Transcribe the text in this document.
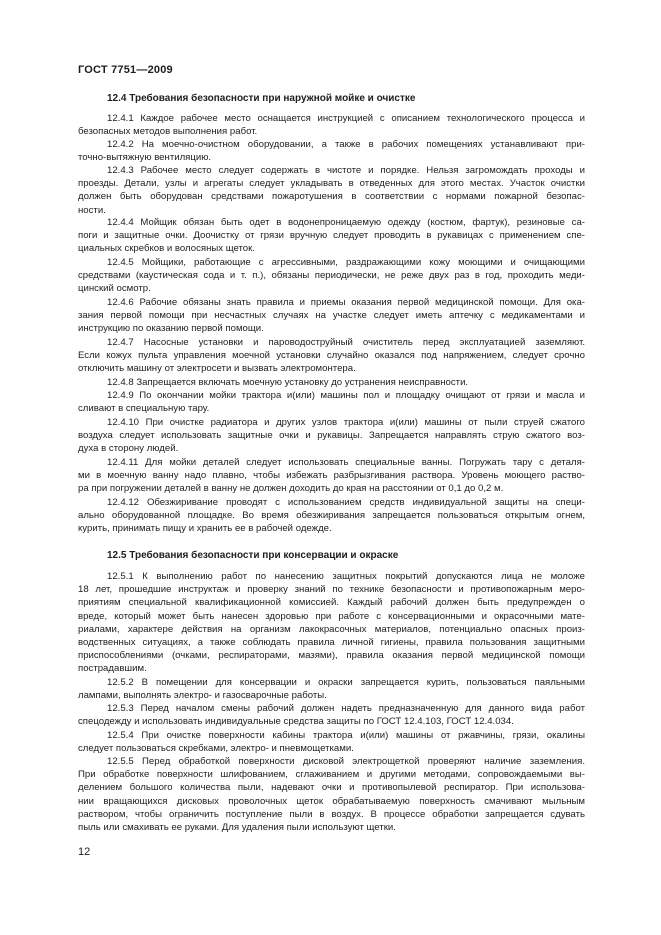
ГОСТ 7751—2009
12.4 Требования безопасности при наружной мойке и очистке
12.4.1 Каждое рабочее место оснащается инструкцией с описанием технологического процесса и
безопасных методов выполнения работ.
12.4.2 На моечно-очистном оборудовании, а также в рабочих помещениях устанавливают при-
точно-вытяжную вентиляцию.
12.4.3 Рабочее место следует содержать в чистоте и порядке. Нельзя загромождать проходы и
проезды. Детали, узлы и агрегаты следует укладывать в отведенных для этого местах. Участок очистки
должен быть оборудован средствами пожаротушения в соответствии с нормами пожарной безопас-
ности.
12.4.4 Мойщик обязан быть одет в водонепроницаемую одежду (костюм, фартук), резиновые са-
поги и защитные очки. Доочистку от грязи вручную следует проводить в рукавицах с применением спе-
циальных скребков и волосяных щеток.
12.4.5 Мойщики, работающие с агрессивными, раздражающими кожу моющими и очищающими
средствами (каустическая сода и т. п.), обязаны периодически, не реже двух раз в год, проходить меди-
цинский осмотр.
12.4.6 Рабочие обязаны знать правила и приемы оказания первой медицинской помощи. Для ока-
зания первой помощи при несчастных случаях на участке следует иметь аптечку с медикаментами и
инструкцию по оказанию первой помощи.
12.4.7 Насосные установки и пароводоструйный очиститель перед эксплуатацией заземляют.
Если кожух пульта управления моечной установки случайно оказался под напряжением, следует срочно
отключить машину от электросети и вызвать электромонтера.
12.4.8 Запрещается включать моечную установку до устранения неисправности.
12.4.9 По окончании мойки трактора и(или) машины пол и площадку очищают от грязи и масла и
сливают в специальную тару.
12.4.10 При очистке радиатора и других узлов трактора и(или) машины от пыли струей сжатого
воздуха следует использовать защитные очки и рукавицы. Запрещается направлять струю сжатого воз-
духа в сторону людей.
12.4.11 Для мойки деталей следует использовать специальные ванны. Погружать тару с деталя-
ми в моечную ванну надо плавно, чтобы избежать разбрызгивания раствора. Уровень моющего раство-
ра при погружении деталей в ванну не должен доходить до края на расстоянии от 0,1 до 0,2 м.
12.4.12 Обезжиривание проводят с использованием средств индивидуальной защиты на специ-
ально оборудованной площадке. Во время обезжиривания запрещается пользоваться открытым огнем,
курить, принимать пищу и хранить ее в рабочей одежде.
12.5 Требования безопасности при консервации и окраске
12.5.1 К выполнению работ по нанесению защитных покрытий допускаются лица не моложе
18 лет, прошедшие инструктаж и проверку знаний по технике безопасности и противопожарным меро-
приятиям специальной квалификационной комиссией. Каждый рабочий должен быть предупрежден о
вреде, который может быть нанесен здоровью при работе с консервационными и окрасочными мате-
риалами, характере действия на организм лакокрасочных материалов, потенциально опасных произ-
водственных ситуациях, а также соблюдать правила личной гигиены, правила пользования защитными
приспособлениями (очками, респираторами, мазями), правила оказания первой медицинской помощи
пострадавшим.
12.5.2 В помещении для консервации и окраски запрещается курить, пользоваться паяльными
лампами, выполнять электро- и газосварочные работы.
12.5.3 Перед началом смены рабочий должен надеть предназначенную для данного вида работ
спецодежду и использовать индивидуальные средства защиты по ГОСТ 12.4.103, ГОСТ 12.4.034.
12.5.4 При очистке поверхности кабины трактора и(или) машины от ржавчины, грязи, окалины
следует пользоваться скребками, электро- и пневмощетками.
12.5.5 Перед обработкой поверхности дисковой электрощеткой проверяют наличие заземления.
При обработке поверхности шлифованием, сглаживанием и другими методами, сопровождаемыми вы-
делением большого количества пыли, надевают очки и противопылевой респиратор. При использова-
нии вращающихся дисковых проволочных щеток обрабатываемую поверхность смачивают мыльным
раствором, чтобы ограничить поступление пыли в воздух. В процессе обработки запрещается сдувать
пыль или смахивать ее руками. Для удаления пыли используют щетки.
12
